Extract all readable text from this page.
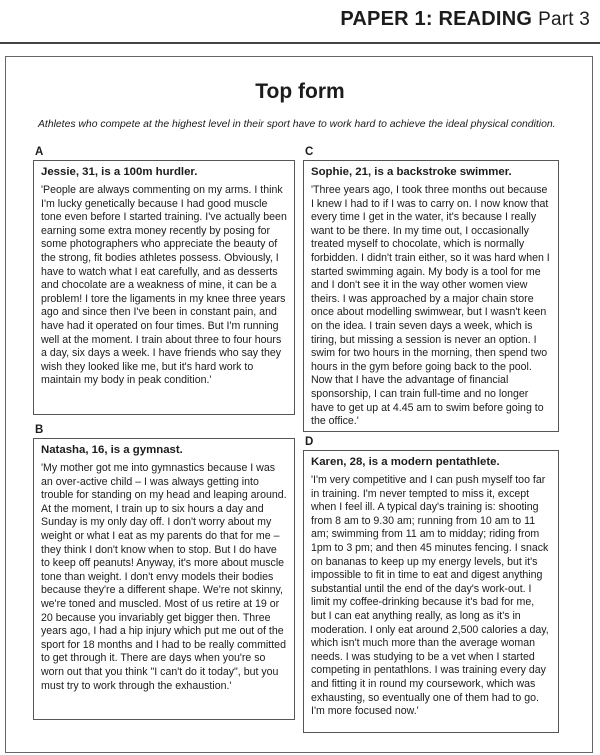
PAPER 1: READING Part 3
Top form
Athletes who compete at the highest level in their sport have to work hard to achieve the ideal physical condition.
A
Jessie, 31, is a 100m hurdler.

'People are always commenting on my arms. I think I'm lucky genetically because I had good muscle tone even before I started training. I've actually been earning some extra money recently by posing for some photographers who appreciate the beauty of the strong, fit bodies athletes possess. Obviously, I have to watch what I eat carefully, and as desserts and chocolate are a weakness of mine, it can be a problem! I tore the ligaments in my knee three years ago and since then I've been in constant pain, and have had it operated on four times. But I'm running well at the moment. I train about three to four hours a day, six days a week. I have friends who say they wish they looked like me, but it's hard work to maintain my body in peak condition.'

B
Natasha, 16, is a gymnast.

'My mother got me into gymnastics because I was an over-active child – I was always getting into trouble for standing on my head and leaping around. At the moment, I train up to six hours a day and Sunday is my only day off. I don't worry about my weight or what I eat as my parents do that for me – they think I don't know when to stop. But I do have to keep off peanuts! Anyway, it's more about muscle tone than weight. I don't envy models their bodies because they're a different shape. We're not skinny, we're toned and muscled. Most of us retire at 19 or 20 because you invariably get bigger then. Three years ago, I had a hip injury which put me out of the sport for 18 months and I had to be really committed to get through it. There are days when you're so worn out that you think "I can't do it today", but you must try to work through the exhaustion.'

C
Sophie, 21, is a backstroke swimmer.

'Three years ago, I took three months out because I knew I had to if I was to carry on. I now know that every time I get in the water, it's because I really want to be there. In my time out, I occasionally treated myself to chocolate, which is normally forbidden. I didn't train either, so it was hard when I started swimming again. My body is a tool for me and I don't see it in the way other women view theirs. I was approached by a major chain store once about modelling swimwear, but I wasn't keen on the idea. I train seven days a week, which is tiring, but missing a session is never an option. I swim for two hours in the morning, then spend two hours in the gym before going back to the pool. Now that I have the advantage of financial sponsorship, I can train full-time and no longer have to get up at 4.45 am to swim before going to the office.'

D
Karen, 28, is a modern pentathlete.

'I'm very competitive and I can push myself too far in training. I'm never tempted to miss it, except when I feel ill. A typical day's training is: shooting from 8 am to 9.30 am; running from 10 am to 11 am; swimming from 11 am to midday; riding from 1pm to 3 pm; and then 45 minutes fencing. I snack on bananas to keep up my energy levels, but it's impossible to fit in time to eat and digest anything substantial until the end of the day's work-out. I limit my coffee-drinking because it's bad for me, but I can eat anything really, as long as it's in moderation. I only eat around 2,500 calories a day, which isn't much more than the average woman needs. I was studying to be a vet when I started competing in pentathlons. I was training every day and fitting it in round my coursework, which was exhausting, so eventually one of them had to go. I'm more focused now.'
